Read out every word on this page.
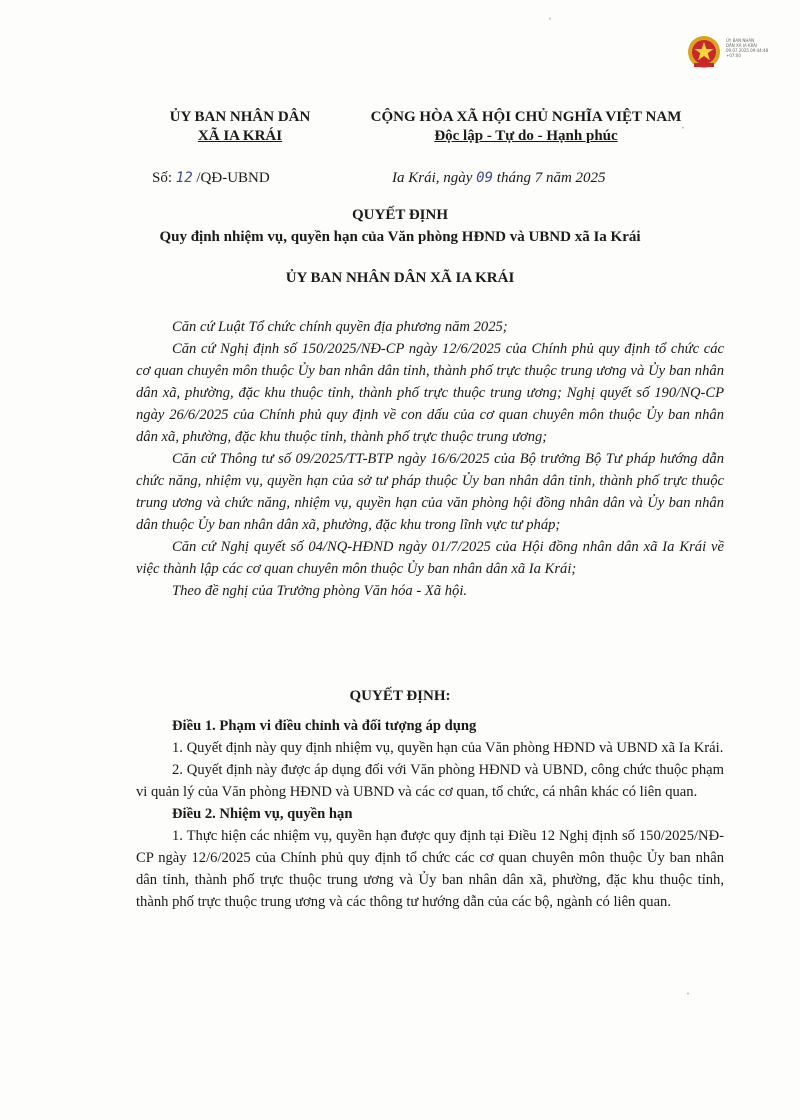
ỦY BAN NHÂN
DÂN XÃ IA KRÁI
09.07.2025 09:44:48
+07:00
ỦY BAN NHÂN DÂN
XÃ IA KRÁI
CỘNG HÒA XÃ HỘI CHỦ NGHĨA VIỆT NAM
Độc lập - Tự do - Hạnh phúc
Số: 12 /QĐ-UBND	Ia Krái, ngày 09 tháng 7 năm 2025
QUYẾT ĐỊNH
Quy định nhiệm vụ, quyền hạn của Văn phòng HĐND và UBND xã Ia Krái
ỦY BAN NHÂN DÂN XÃ IA KRÁI

Căn cứ Luật Tổ chức chính quyền địa phương năm 2025;

Căn cứ Nghị định số 150/2025/NĐ-CP ngày 12/6/2025 của Chính phủ quy định tổ chức các cơ quan chuyên môn thuộc Ủy ban nhân dân tỉnh, thành phố trực thuộc trung ương và Ủy ban nhân dân xã, phường, đặc khu thuộc tỉnh, thành phố trực thuộc trung ương; Nghị quyết số 190/NQ-CP ngày 26/6/2025 của Chính phủ quy định về con dấu của cơ quan chuyên môn thuộc Ủy ban nhân dân xã, phường, đặc khu thuộc tỉnh, thành phố trực thuộc trung ương;

Căn cứ Thông tư số 09/2025/TT-BTP ngày 16/6/2025 của Bộ trưởng Bộ Tư pháp hướng dẫn chức năng, nhiệm vụ, quyền hạn của sở tư pháp thuộc Ủy ban nhân dân tỉnh, thành phố trực thuộc trung ương và chức năng, nhiệm vụ, quyền hạn của văn phòng hội đồng nhân dân và Ủy ban nhân dân thuộc Ủy ban nhân dân xã, phường, đặc khu trong lĩnh vực tư pháp;

Căn cứ Nghị quyết số 04/NQ-HĐND ngày 01/7/2025 của Hội đồng nhân dân xã Ia Krái về việc thành lập các cơ quan chuyên môn thuộc Ủy ban nhân dân xã Ia Krái;

Theo đề nghị của Trưởng phòng Văn hóa - Xã hội.

QUYẾT ĐỊNH:

Điều 1. Phạm vi điều chỉnh và đối tượng áp dụng

1. Quyết định này quy định nhiệm vụ, quyền hạn của Văn phòng HĐND và UBND xã Ia Krái.

2. Quyết định này được áp dụng đối với Văn phòng HĐND và UBND, công chức thuộc phạm vi quản lý của Văn phòng HĐND và UBND và các cơ quan, tổ chức, cá nhân khác có liên quan.

Điều 2. Nhiệm vụ, quyền hạn

1. Thực hiện các nhiệm vụ, quyền hạn được quy định tại Điều 12 Nghị định số 150/2025/NĐ-CP ngày 12/6/2025 của Chính phủ quy định tổ chức các cơ quan chuyên môn thuộc Ủy ban nhân dân tỉnh, thành phố trực thuộc trung ương và Ủy ban nhân dân xã, phường, đặc khu thuộc tỉnh, thành phố trực thuộc trung ương và các thông tư hướng dẫn của các bộ, ngành có liên quan.

ˌ
ˈ
ˈ
